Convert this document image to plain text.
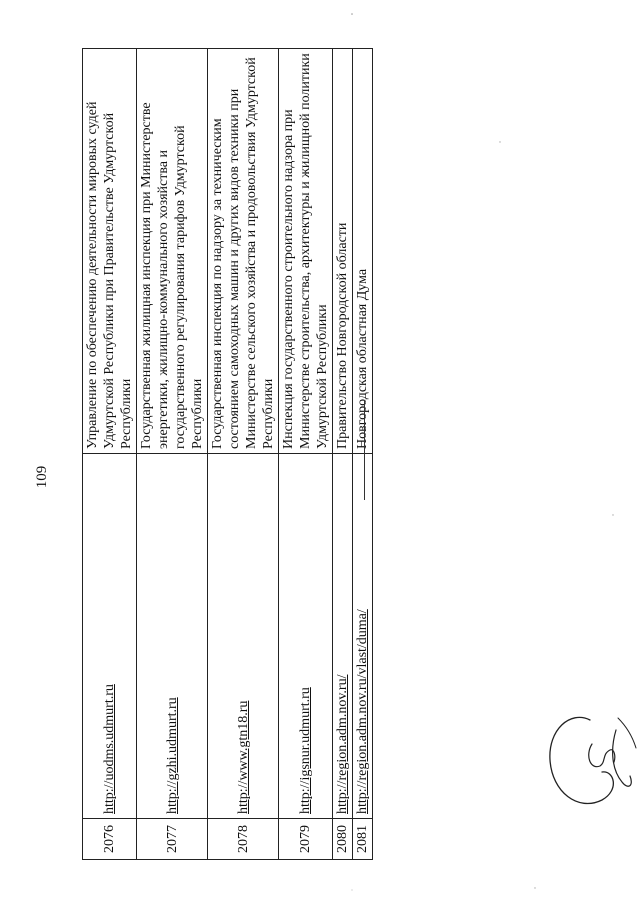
109
2076	http://uodms.udmurt.ru	Управление по обеспечению деятельности мировых судей Удмуртской Республики при Правительстве Удмуртской Республики
2077	http://gzhi.udmurt.ru	Государственная жилищная инспекция при Министерстве энергетики, жилищно-коммунального хозяйства и государственного регулирования тарифов Удмуртской Республики
2078	http://www.gtn18.ru	Государственная инспекция по надзору за техническим состоянием самоходных машин и других видов техники при Министерстве сельского хозяйства и продовольствия Удмуртской Республики
2079	http://igsnur.udmurt.ru	Инспекция государственного строительного надзора при Министерстве строительства, архитектуры и жилищной политики Удмуртской Республики
2080	http://region.adm.nov.ru/	Правительство Новгородской области
2081	http://region.adm.nov.ru/vlast/duma/	Новгородская областная Дума
